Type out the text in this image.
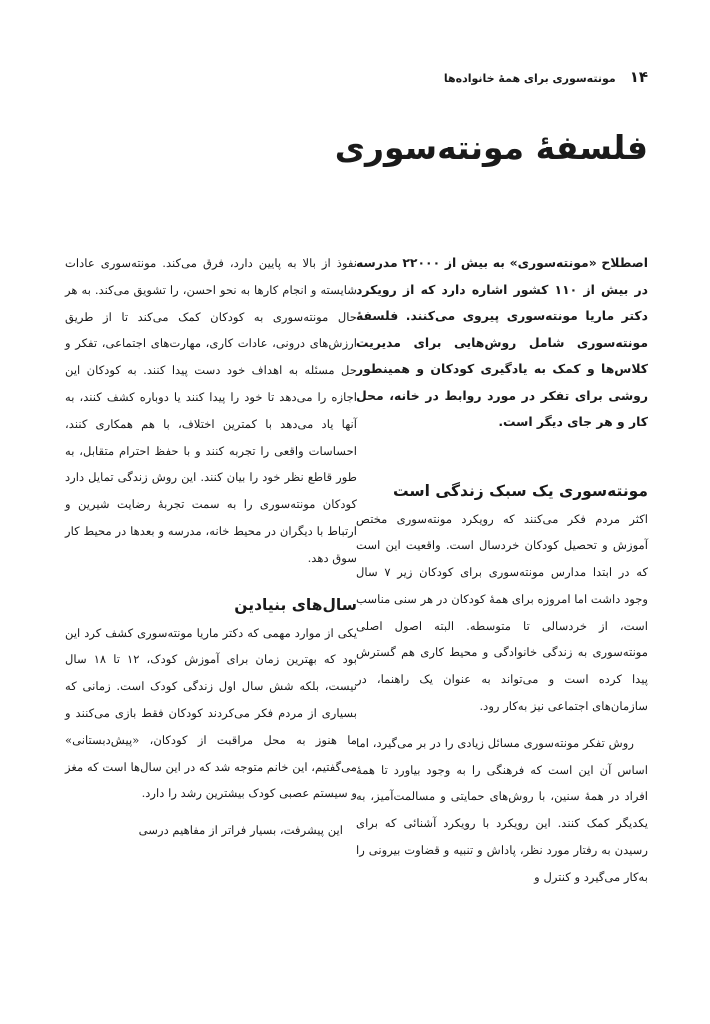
۱۴
مونته‌سوری برای همهٔ خانواده‌ها
فلسفهٔ مونته‌سوری

اصطلاح «مونته‌سوری» به بیش از ۲۲۰۰۰ مدرسه در بیش از ۱۱۰ کشور اشاره دارد که از رویکرد دکتر ماریا مونته‌سوری پیروی می‌کنند. فلسفهٔ مونته‌سوری شامل روش‌هایی برای مدیریت کلاس‌ها و کمک به یادگیری کودکان و همینطور روشی برای تفکر در مورد روابط در خانه، محل کار و هر جای دیگر است.

مونته‌سوری یک سبک زندگی است

اکثر مردم فکر می‌کنند که رویکرد مونته‌سوری مختص آموزش و تحصیل کودکان خردسال است. واقعیت این است که در ابتدا مدارس مونته‌سوری برای کودکان زیر ۷ سال وجود داشت اما امروزه برای همهٔ کودکان در هر سنی مناسب است، از خردسالی تا متوسطه. البته اصول اصلی مونته‌سوری به زندگی خانوادگی و محیط کاری هم گسترش پیدا کرده است و می‌تواند به عنوان یک راهنما، در سازمان‌های اجتماعی نیز به‌کار رود.

روش تفکر مونته‌سوری مسائل زیادی را در بر می‌گیرد، اما اساس آن این است که فرهنگی را به وجود بیاورد تا همهٔ افراد در همهٔ سنین، با روش‌های حمایتی و مسالمت‌آمیز، به یکدیگر کمک کنند. این رویکرد با رویکرد آشنائی که برای رسیدن به رفتار مورد نظر، پاداش و تنبیه و قضاوت بیرونی را به‌کار می‌گیرد و کنترل و

نفوذ از بالا به پایین دارد، فرق می‌کند. مونته‌سوری عادات شایسته و انجام کارها به نحو احسن، را تشویق می‌کند. به هر حال مونته‌سوری به کودکان کمک می‌کند تا از طریق ارزش‌های درونی، عادات کاری، مهارت‌های اجتماعی، تفکر و حل مسئله به اهداف خود دست پیدا کنند. به کودکان این اجازه را می‌دهد تا خود را پیدا کنند یا دوباره کشف کنند، به آنها یاد می‌دهد با کمترین اختلاف، با هم همکاری کنند، احساسات واقعی را تجربه کنند و با حفظ احترام متقابل، به طور قاطع نظر خود را بیان کنند. این روش زندگی تمایل دارد کودکان مونته‌سوری را به سمت تجربهٔ رضایت شیرین و ارتباط با دیگران در محیط خانه، مدرسه و بعدها در محیط کار سوق دهد.

سال‌های بنیادین

یکی از موارد مهمی که دکتر ماریا مونته‌سوری کشف کرد این بود که بهترین زمان برای آموزش کودک، ۱۲ تا ۱۸ سال نیست، بلکه شش سال اول زندگی کودک است. زمانی که بسیاری از مردم فکر می‌کردند کودکان فقط بازی می‌کنند و ما هنوز به محل مراقبت از کودکان، «پیش‌دبستانی» می‌گفتیم، این خانم متوجه شد که در این سال‌ها است که مغز و سیستم عصبی کودک بیشترین رشد را دارد.

این پیشرفت، بسیار فراتر از مفاهیم درسی
